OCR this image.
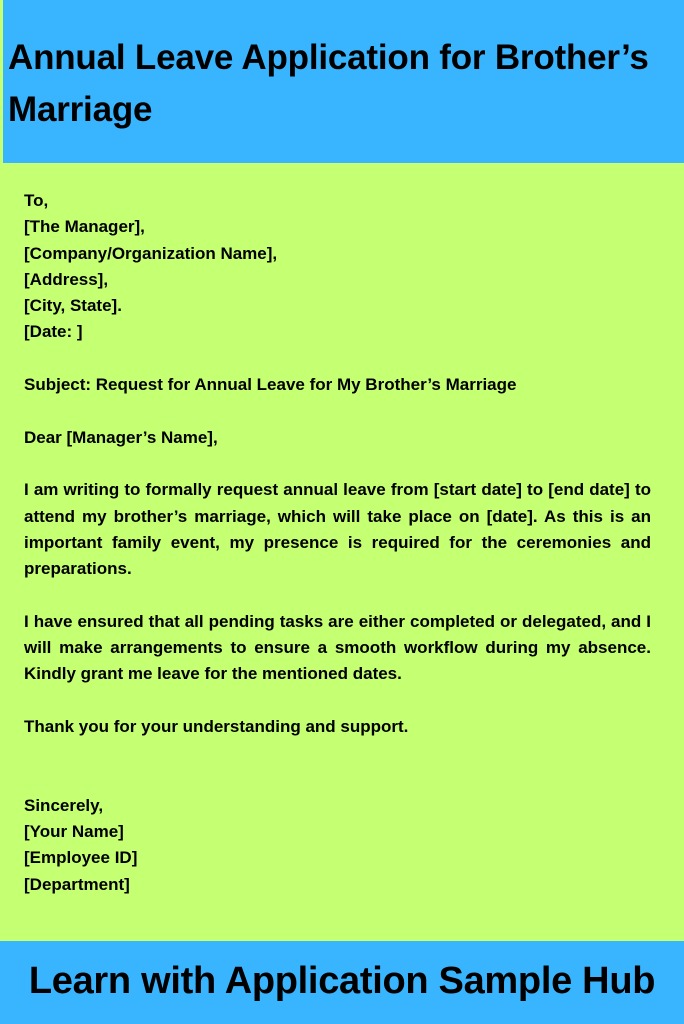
Annual Leave Application for Brother’s Marriage
To,
[The Manager],
[Company/Organization Name],
[Address],
[City, State].
[Date: ]
Subject: Request for Annual Leave for My Brother’s Marriage
Dear [Manager’s Name],
I am writing to formally request annual leave from [start date] to [end date] to attend my brother’s marriage, which will take place on [date]. As this is an important family event, my presence is required for the ceremonies and preparations.
I have ensured that all pending tasks are either completed or delegated, and I will make arrangements to ensure a smooth workflow during my absence. Kindly grant me leave for the mentioned dates.
Thank you for your understanding and support.
Sincerely,
[Your Name]
[Employee ID]
[Department]
Learn with Application Sample Hub
